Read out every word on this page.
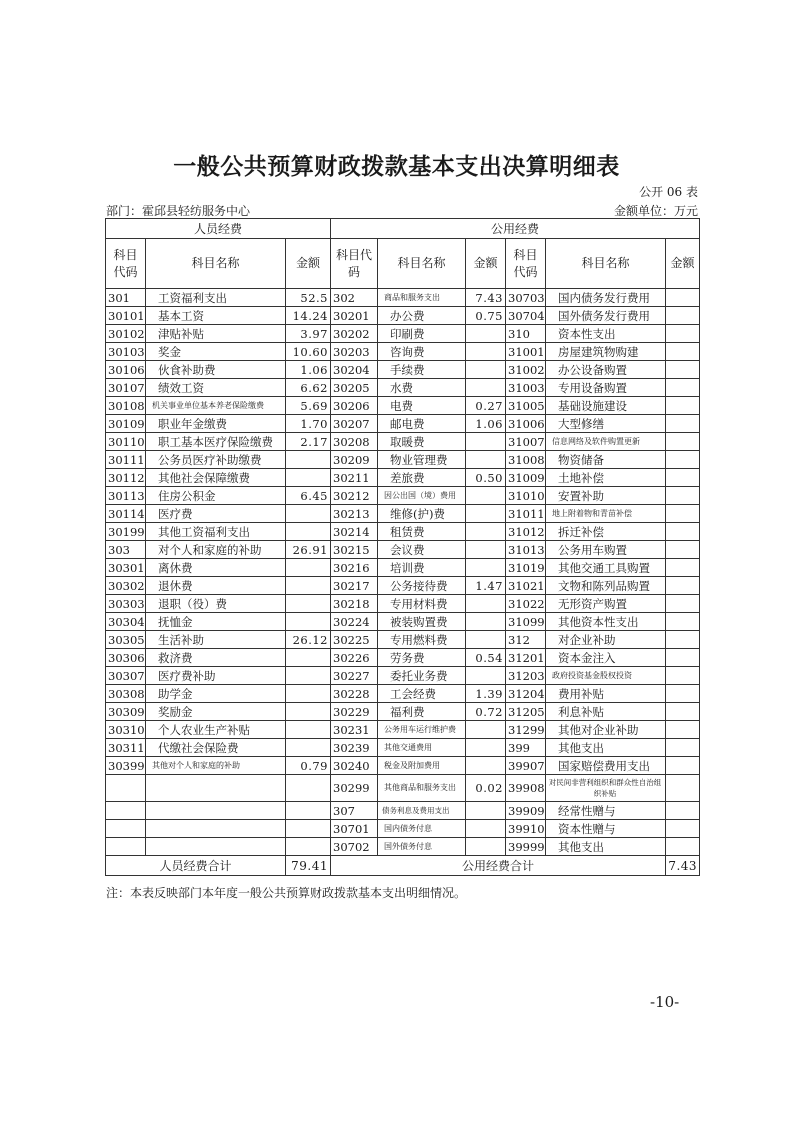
一般公共预算财政拨款基本支出决算明细表
公开 06 表
部门：霍邱县轻纺服务中心	金额单位：万元
人员经费			公用经费					
科目代码	科目名称	金额	科目代码	科目名称	金额	科目代码	科目名称	金额
301	工资福利支出	52.5	302	商品和服务支出	7.43	30703	国内债务发行费用	
30101	基本工资	14.24	30201	办公费	0.75	30704	国外债务发行费用	
30102	津贴补贴	3.97	30202	印刷费		310	资本性支出	
30103	奖金	10.60	30203	咨询费		31001	房屋建筑物购建	
30106	伙食补助费	1.06	30204	手续费		31002	办公设备购置	
30107	绩效工资	6.62	30205	水费		31003	专用设备购置	
30108	机关事业单位基本养老保险缴费	5.69	30206	电费	0.27	31005	基础设施建设	
30109	职业年金缴费	1.70	30207	邮电费	1.06	31006	大型修缮	
30110	职工基本医疗保险缴费	2.17	30208	取暖费		31007	信息网络及软件购置更新	
30111	公务员医疗补助缴费		30209	物业管理费		31008	物资储备	
30112	其他社会保障缴费		30211	差旅费	0.50	31009	土地补偿	
30113	住房公积金	6.45	30212	因公出国（境）费用		31010	安置补助	
30114	医疗费		30213	维修(护)费		31011	地上附着物和青苗补偿	
30199	其他工资福利支出		30214	租赁费		31012	拆迁补偿	
303	对个人和家庭的补助	26.91	30215	会议费		31013	公务用车购置	
30301	离休费		30216	培训费		31019	其他交通工具购置	
30302	退休费		30217	公务接待费	1.47	31021	文物和陈列品购置	
30303	退职（役）费		30218	专用材料费		31022	无形资产购置	
30304	抚恤金		30224	被装购置费		31099	其他资本性支出	
30305	生活补助	26.12	30225	专用燃料费		312	对企业补助	
30306	救济费		30226	劳务费	0.54	31201	资本金注入	
30307	医疗费补助		30227	委托业务费		31203	政府投资基金股权投资	
30308	助学金		30228	工会经费	1.39	31204	费用补贴	
30309	奖励金		30229	福利费	0.72	31205	利息补贴	
30310	个人农业生产补贴		30231	公务用车运行维护费		31299	其他对企业补助	
30311	代缴社会保险费		30239	其他交通费用		399	其他支出	
30399	其他对个人和家庭的补助	0.79	30240	税金及附加费用		39907	国家赔偿费用支出	
			30299	其他商品和服务支出	0.02	39908	对民间非营利组织和群众性自治组织补贴	
			307	债务利息及费用支出		39909	经常性赠与	
			30701	国内债务付息		39910	资本性赠与	
			30702	国外债务付息		39999	其他支出	
人员经费合计		79.41	公用经费合计					7.43
注：本表反映部门本年度一般公共预算财政拨款基本支出明细情况。
-10-
